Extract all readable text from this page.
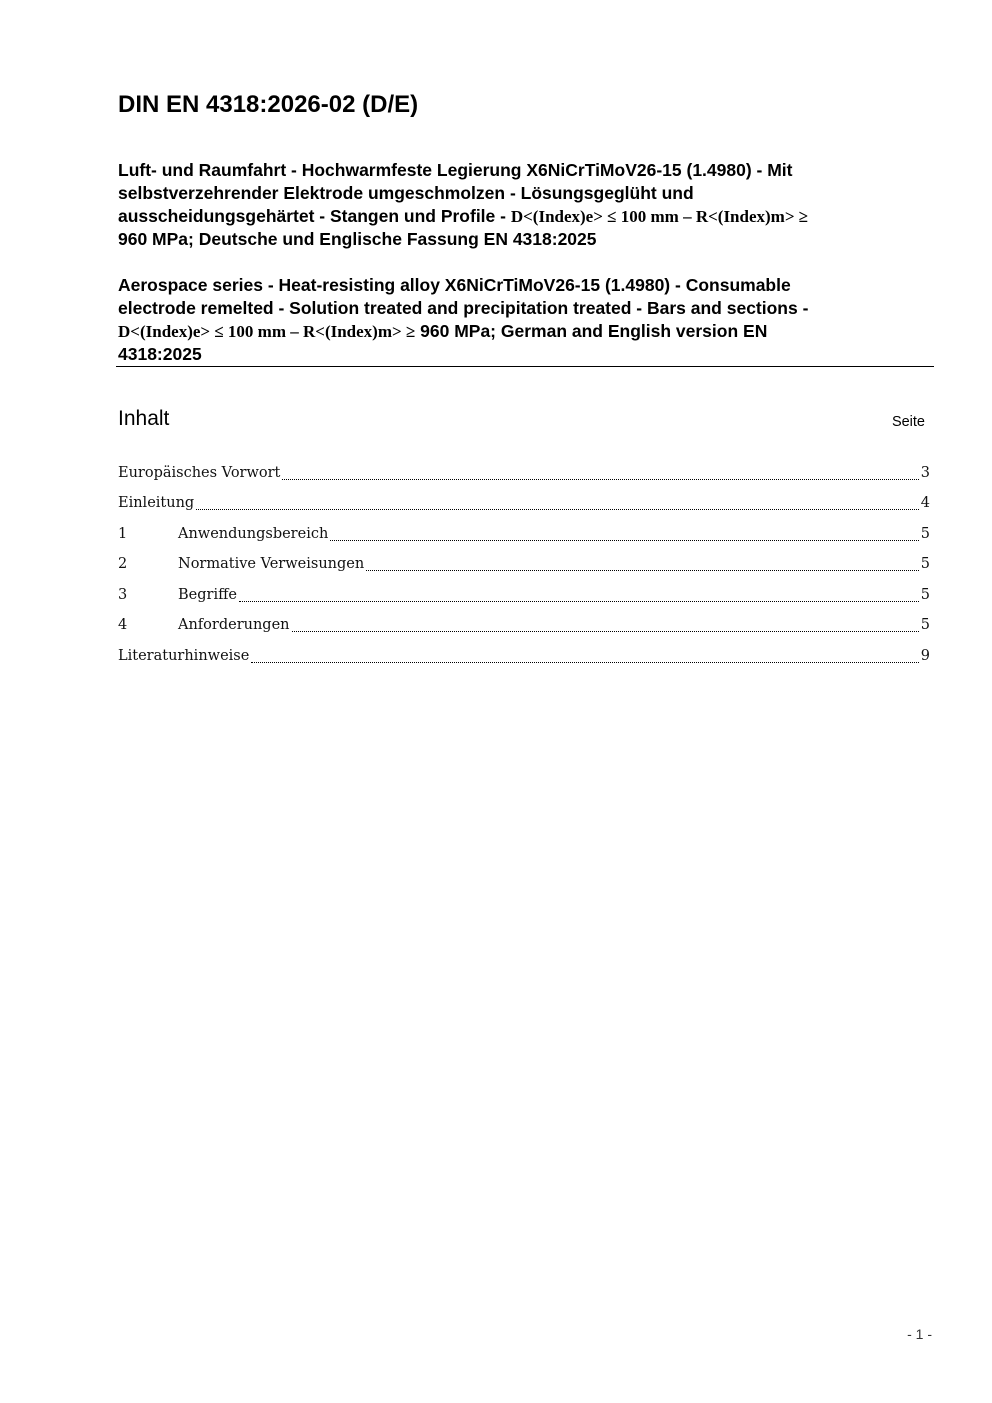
DIN EN 4318:2026-02 (D/E)
Luft- und Raumfahrt - Hochwarmfeste Legierung X6NiCrTiMoV26-15 (1.4980) - Mit
selbstverzehrender Elektrode umgeschmolzen - Lösungsgeglüht und
ausscheidungsgehärtet - Stangen und Profile - D<(Index)e> ≤ 100 mm – R<(Index)m> ≥
960 MPa; Deutsche und Englische Fassung EN 4318:2025
Aerospace series - Heat-resisting alloy X6NiCrTiMoV26-15 (1.4980) - Consumable
electrode remelted - Solution treated and precipitation treated - Bars and sections -
D<(Index)e> ≤ 100 mm – R<(Index)m> ≥ 960 MPa; German and English version EN
4318:2025
Inhalt	Seite
Europäisches Vorwort	3
Einleitung	4
1	Anwendungsbereich	5
2	Normative Verweisungen	5
3	Begriffe	5
4	Anforderungen	5
Literaturhinweise	9
- 1 -
